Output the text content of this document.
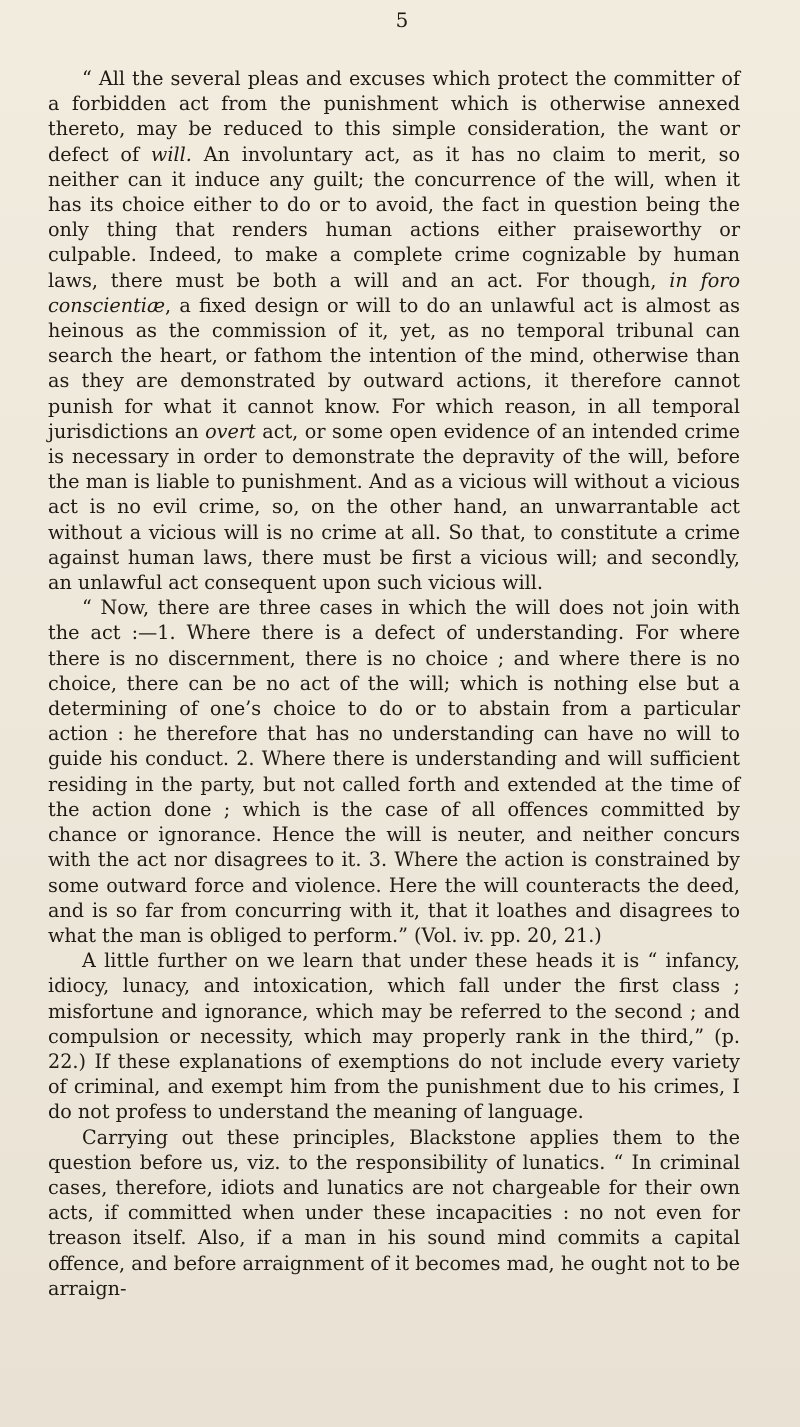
5

“ All the several pleas and excuses which protect the committer of a forbidden act from the punishment which is otherwise annexed thereto, may be reduced to this simple consideration, the want or defect of will. An involuntary act, as it has no claim to merit, so neither can it induce any guilt; the concurrence of the will, when it has its choice either to do or to avoid, the fact in question being the only thing that renders human actions either praiseworthy or culpable. Indeed, to make a complete crime cognizable by human laws, there must be both a will and an act. For though, in foro conscientiæ, a fixed design or will to do an unlawful act is almost as heinous as the commission of it, yet, as no temporal tribunal can search the heart, or fathom the intention of the mind, otherwise than as they are demonstrated by outward actions, it therefore cannot punish for what it cannot know. For which reason, in all temporal jurisdictions an overt act, or some open evidence of an intended crime is necessary in order to demonstrate the depravity of the will, before the man is liable to punishment. And as a vicious will without a vicious act is no evil crime, so, on the other hand, an unwarrantable act without a vicious will is no crime at all. So that, to constitute a crime against human laws, there must be first a vicious will; and secondly, an unlawful act consequent upon such vicious will.

“ Now, there are three cases in which the will does not join with the act :—1. Where there is a defect of understanding. For where there is no discernment, there is no choice ; and where there is no choice, there can be no act of the will; which is nothing else but a determining of one’s choice to do or to abstain from a particular action : he therefore that has no understanding can have no will to guide his conduct. 2. Where there is understanding and will sufficient residing in the party, but not called forth and extended at the time of the action done ; which is the case of all offences committed by chance or ignorance. Hence the will is neuter, and neither concurs with the act nor disagrees to it. 3. Where the action is constrained by some outward force and violence. Here the will counteracts the deed, and is so far from concurring with it, that it loathes and disagrees to what the man is obliged to perform.” (Vol. iv. pp. 20, 21.)

A little further on we learn that under these heads it is “ infancy, idiocy, lunacy, and intoxication, which fall under the first class ; misfortune and ignorance, which may be referred to the second ; and compulsion or necessity, which may properly rank in the third,” (p. 22.) If these explanations of exemptions do not include every variety of criminal, and exempt him from the punishment due to his crimes, I do not profess to understand the meaning of language.

Carrying out these principles, Blackstone applies them to the question before us, viz. to the responsibility of lunatics. “ In criminal cases, therefore, idiots and lunatics are not chargeable for their own acts, if committed when under these incapacities : no not even for treason itself. Also, if a man in his sound mind commits a capital offence, and before arraignment of it becomes mad, he ought not to be arraign-
